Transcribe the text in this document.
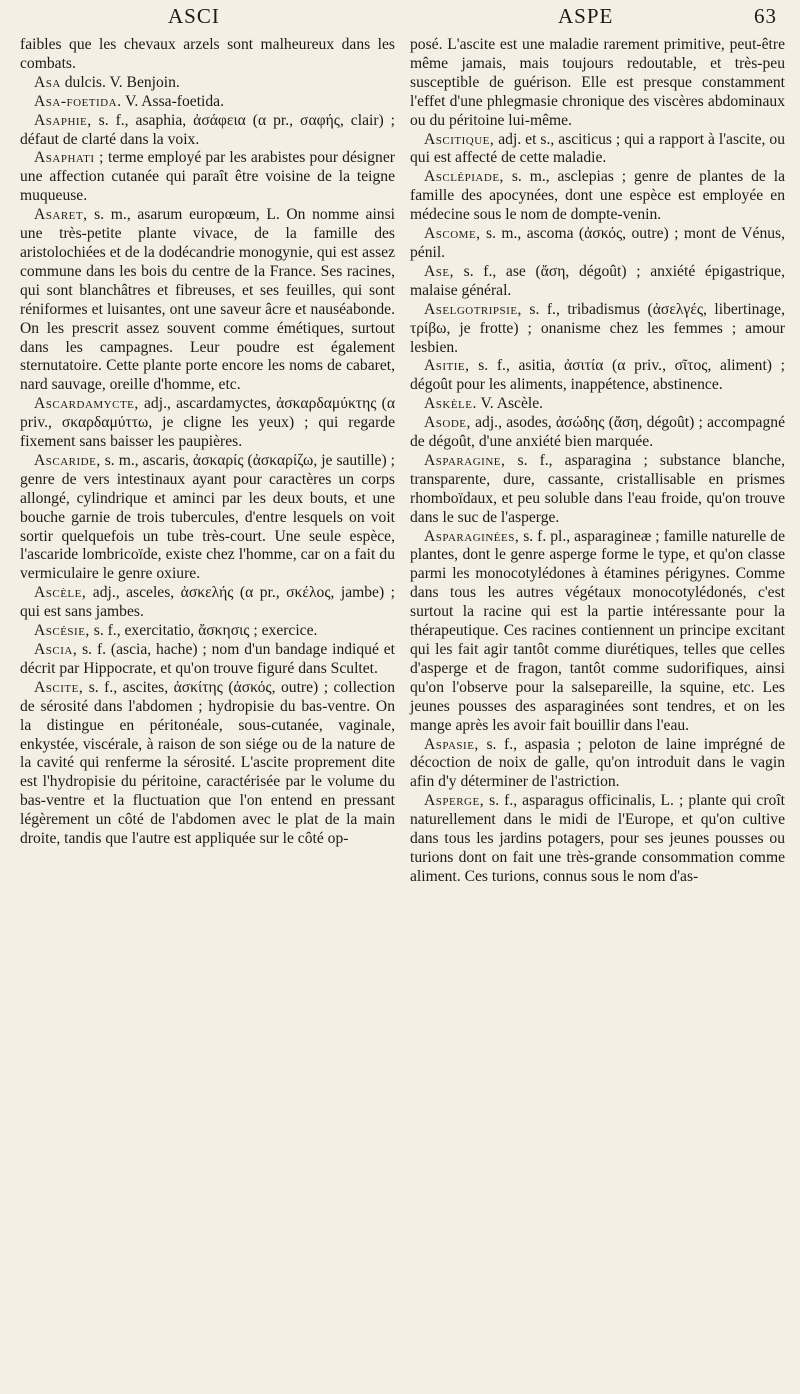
ASCI	ASPE	63

faibles que les chevaux arzels sont malheureux dans les combats.

Asa dulcis. V. Benjoin.

Asa-foetida. V. Assa-foetida.

Asaphie, s. f., asaphia, ἀσάφεια (α pr., σαφής, clair) ; défaut de clarté dans la voix.

Asaphati ; terme employé par les arabistes pour désigner une affection cutanée qui paraît être voisine de la teigne muqueuse.

Asaret, s. m., asarum europœum, L. On nomme ainsi une très-petite plante vivace, de la famille des aristolochiées et de la dodécandrie monogynie, qui est assez commune dans les bois du centre de la France. Ses racines, qui sont blanchâtres et fibreuses, et ses feuilles, qui sont réniformes et luisantes, ont une saveur âcre et nauséabonde. On les prescrit assez souvent comme émétiques, surtout dans les campagnes. Leur poudre est également sternutatoire. Cette plante porte encore les noms de cabaret, nard sauvage, oreille d'homme, etc.

Ascardamycte, adj., ascardamyctes, ἀσκαρδαμύκτης (α priv., σκαρδαμύττω, je cligne les yeux) ; qui regarde fixement sans baisser les paupières.

Ascaride, s. m., ascaris, ἀσκαρίς (ἀσκαρίζω, je sautille) ; genre de vers intestinaux ayant pour caractères un corps allongé, cylindrique et aminci par les deux bouts, et une bouche garnie de trois tubercules, d'entre lesquels on voit sortir quelquefois un tube très-court. Une seule espèce, l'ascaride lombricoïde, existe chez l'homme, car on a fait du vermiculaire le genre oxiure.

Ascèle, adj., asceles, ἀσκελής (α pr., σκέλος, jambe) ; qui est sans jambes.

Ascésie, s. f., exercitatio, ἄσκησις ; exercice.

Ascia, s. f. (ascia, hache) ; nom d'un bandage indiqué et décrit par Hippocrate, et qu'on trouve figuré dans Scultet.

Ascite, s. f., ascites, ἀσκίτης (ἀσκός, outre) ; collection de sérosité dans l'abdomen ; hydropisie du bas-ventre. On la distingue en péritonéale, sous-cutanée, vaginale, enkystée, viscérale, à raison de son siége ou de la nature de la cavité qui renferme la sérosité. L'ascite proprement dite est l'hydropisie du péritoine, caractérisée par le volume du bas-ventre et la fluctuation que l'on entend en pressant légèrement un côté de l'abdomen avec le plat de la main droite, tandis que l'autre est appliquée sur le côté op-

posé. L'ascite est une maladie rarement primitive, peut-être même jamais, mais toujours redoutable, et très-peu susceptible de guérison. Elle est presque constamment l'effet d'une phlegmasie chronique des viscères abdominaux ou du péritoine lui-même.

Ascitique, adj. et s., asciticus ; qui a rapport à l'ascite, ou qui est affecté de cette maladie.

Asclépiade, s. m., asclepias ; genre de plantes de la famille des apocynées, dont une espèce est employée en médecine sous le nom de dompte-venin.

Ascome, s. m., ascoma (ἀσκός, outre) ; mont de Vénus, pénil.

Ase, s. f., ase (ἄση, dégoût) ; anxiété épigastrique, malaise général.

Aselgotripsie, s. f., tribadismus (ἀσελγές, libertinage, τρίβω, je frotte) ; onanisme chez les femmes ; amour lesbien.

Asitie, s. f., asitia, ἀσιτία (α priv., σῖτος, aliment) ; dégoût pour les aliments, inappétence, abstinence.

Askèle. V. Ascèle.

Asode, adj., asodes, ἀσώδης (ἄση, dégoût) ; accompagné de dégoût, d'une anxiété bien marquée.

Asparagine, s. f., asparagina ; substance blanche, transparente, dure, cassante, cristallisable en prismes rhomboïdaux, et peu soluble dans l'eau froide, qu'on trouve dans le suc de l'asperge.

Asparaginées, s. f. pl., asparagineæ ; famille naturelle de plantes, dont le genre asperge forme le type, et qu'on classe parmi les monocotylédones à étamines périgynes. Comme dans tous les autres végétaux monocotylédonés, c'est surtout la racine qui est la partie intéressante pour la thérapeutique. Ces racines contiennent un principe excitant qui les fait agir tantôt comme diurétiques, telles que celles d'asperge et de fragon, tantôt comme sudorifiques, ainsi qu'on l'observe pour la salsepareille, la squine, etc. Les jeunes pousses des asparaginées sont tendres, et on les mange après les avoir fait bouillir dans l'eau.

Aspasie, s. f., aspasia ; peloton de laine imprégné de décoction de noix de galle, qu'on introduit dans le vagin afin d'y déterminer de l'astriction.

Asperge, s. f., asparagus officinalis, L. ; plante qui croît naturellement dans le midi de l'Europe, et qu'on cultive dans tous les jardins potagers, pour ses jeunes pousses ou turions dont on fait une très-grande consommation comme aliment. Ces turions, connus sous le nom d'as-
